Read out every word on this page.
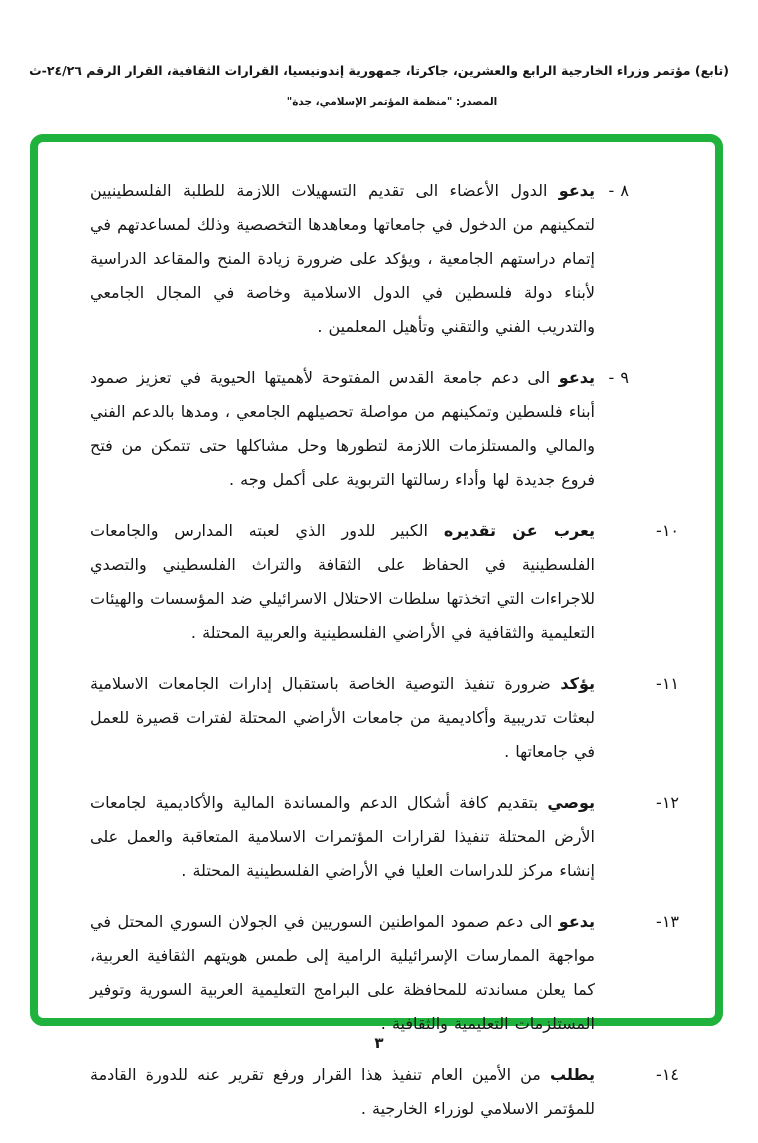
(تابع) مؤتمر وزراء الخارجية الرابع والعشرين، جاكرتا، جمهورية إندونيسيا، القرارات الثقافية، القرار الرقم ٢٤/٢٦-ث
المصدر: "منظمة المؤتمر الإسلامي، جدة"
٨ -
يدعو الدول الأعضاء الى تقديم التسهيلات اللازمة للطلبة الفلسطينيين لتمكينهم من الدخول في جامعاتها ومعاهدها التخصصية وذلك لمساعدتهم في إتمام دراستهم الجامعية ، ويؤكد على ضرورة زيادة المنح والمقاعد الدراسية لأبناء دولة فلسطين في الدول الاسلامية وخاصة في المجال الجامعي والتدريب الفني والتقني وتأهيل المعلمين .
٩ -
يدعو الى دعم جامعة القدس المفتوحة لأهميتها الحيوية في تعزيز صمود أبناء فلسطين وتمكينهم من مواصلة تحصيلهم الجامعي ، ومدها بالدعم الفني والمالي والمستلزمات اللازمة لتطورها وحل مشاكلها حتى تتمكن من فتح فروع جديدة لها وأداء رسالتها التربوية على أكمل وجه .
١٠-
يعرب عن تقديره الكبير للدور الذي لعبته المدارس والجامعات الفلسطينية في الحفاظ على الثقافة والتراث الفلسطيني والتصدي للاجراءات التي اتخذتها سلطات الاحتلال الاسرائيلي ضد المؤسسات والهيئات التعليمية والثقافية في الأراضي الفلسطينية والعربية المحتلة .
١١-
يؤكد ضرورة تنفيذ التوصية الخاصة باستقبال إدارات الجامعات الاسلامية لبعثات تدريبية وأكاديمية من جامعات الأراضي المحتلة لفترات قصيرة للعمل في جامعاتها .
١٢-
يوصي بتقديم كافة أشكال الدعم والمساندة المالية والأكاديمية لجامعات الأرض المحتلة تنفيذا لقرارات المؤتمرات الاسلامية المتعاقبة والعمل على إنشاء مركز للدراسات العليا في الأراضي الفلسطينية المحتلة .
١٣-
يدعو الى دعم صمود المواطنين السوريين في الجولان السوري المحتل في مواجهة الممارسات الإسرائيلية الرامية إلى طمس هويتهم الثقافية العربية، كما يعلن مساندته للمحافظة على البرامج التعليمية العربية السورية وتوفير المستلزمات التعليمية والثقافية .
١٤-
يطلب من الأمين العام تنفيذ هذا القرار ورفع تقرير عنه للدورة القادمة للمؤتمر الاسلامي لوزراء الخارجية .
٣
